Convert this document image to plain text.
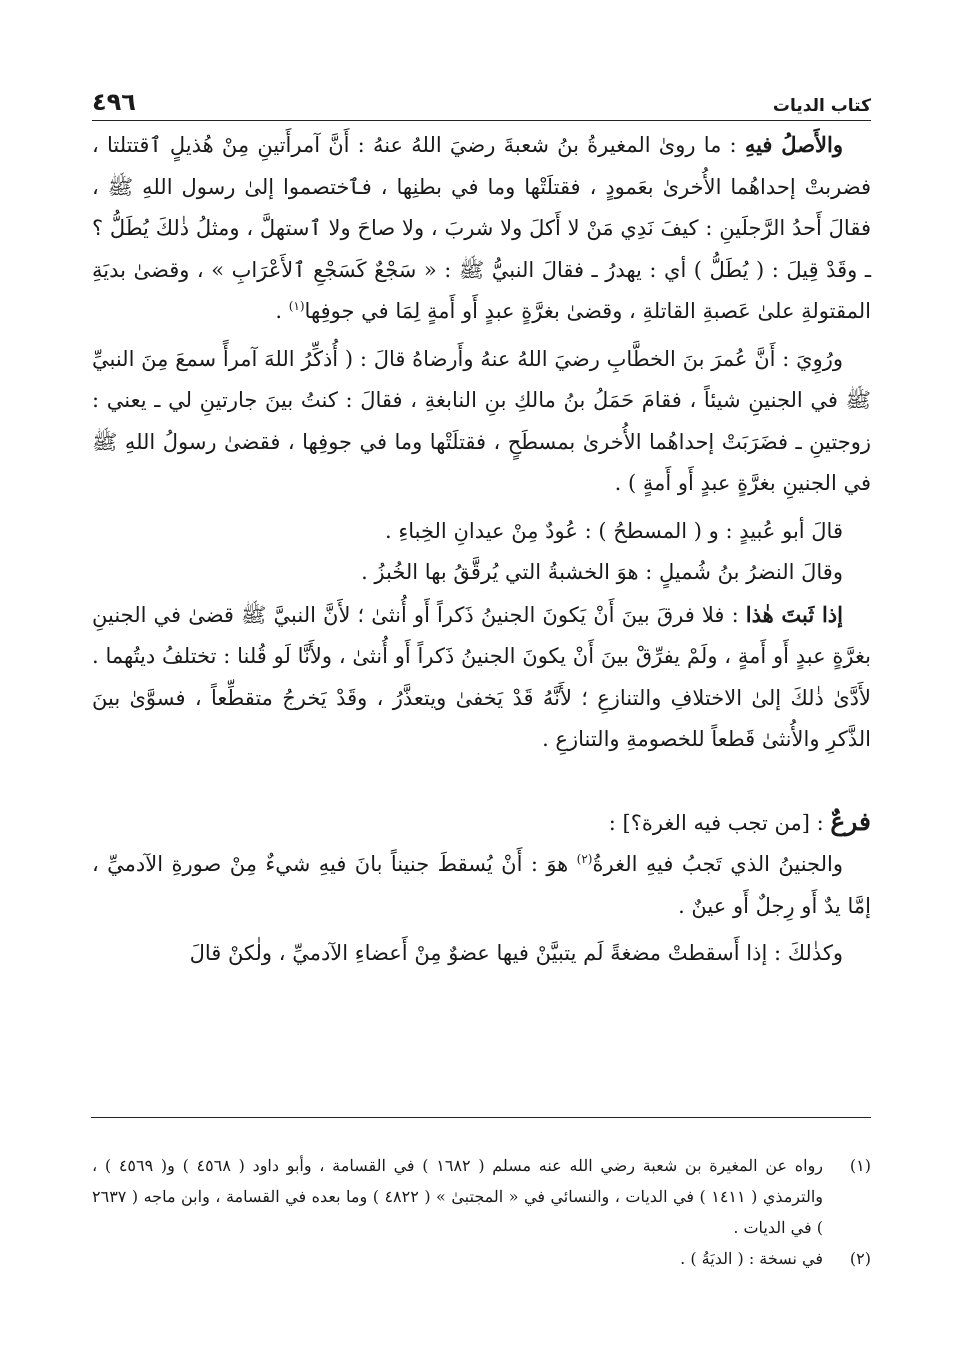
٤٩٦	كتاب الديات

والأَصلُ فيهِ : ما روىٰ المغيرةُ بنُ شعبةَ رضيَ اللهُ عنهُ : أَنَّ آمرأَتينِ مِنْ هُذيلٍ ٱقتتلتا ، فضربتْ إحداهُما الأُخرىٰ بعَمودٍ ، فقتلَتْها وما في بطنِها ، فٱختصموا إلىٰ رسول اللهِ ﷺ ، فقالَ أَحدُ الرَّجلَينِ : كيفَ نَدِي مَنْ لا أَكلَ ولا شربَ ، ولا صاحَ ولا ٱستهلَّ ، ومثلُ ذٰلكَ يُطَلُّ ؟ ـ وقَدْ قِيلَ : ( يُطَلُّ ) أي : يهدرُ ـ فقالَ النبيُّ ﷺ : « سَجْعٌ كَسَجْعِ ٱلأَعْرَابِ » ، وقضىٰ بديَةِ المقتولةِ علىٰ عَصبةِ القاتلةِ ، وقضىٰ بغرَّةٍ عبدٍ أَو أَمةٍ لِمَا في جوفِها$^{(١)}$ .

ورُوِيَ : أَنَّ عُمرَ بنَ الخطَّابِ رضيَ اللهُ عنهُ وأَرضاهُ قالَ : ( أُذكِّرُ اللهَ آمرأً سمعَ مِنَ النبيِّ ﷺ في الجنينِ شيئاً ، فقامَ حَمَلُ بنُ مالكِ بنِ النابغةِ ، فقالَ : كنتُ بينَ جارتينِ لي ـ يعني : زوجتينِ ـ فضَرَبَتْ إحداهُما الأُخرىٰ بمسطَحٍ ، فقتلَتْها وما في جوفِها ، فقضىٰ رسولُ اللهِ ﷺ في الجنينِ بغرَّةٍ عبدٍ أَو أَمةٍ ) .

قالَ أبو عُبيدٍ : و ( المسطحُ ) : عُودٌ مِنْ عيدانِ الخِباءِ .

وقالَ النضرُ بنُ شُميلٍ : هوَ الخشبةُ التي يُرقَّقُ بها الخُبزُ .

إذا ثَبتَ هٰذا : فلا فرقَ بينَ أَنْ يَكونَ الجنينُ ذَكراً أَو أُنثىٰ ؛ لأَنَّ النبيَّ ﷺ قضىٰ في الجنينِ بغرَّةٍ عبدٍ أَو أَمةٍ ، ولَمْ يفرِّقْ بينَ أَنْ يكونَ الجنينُ ذَكراً أَو أُنثىٰ ، ولأَنَّا لَو قُلنا : تختلفُ ديتُهما . لأَدَّىٰ ذٰلكَ إلىٰ الاختلافِ والتنازعِ ؛ لأَنَّهُ قَدْ يَخفىٰ ويتعذَّرُ ، وقَدْ يَخرجُ متقطِّعاً ، فسوَّىٰ بينَ الذَّكرِ والأُنثىٰ قَطعاً للخصومةِ والتنازعِ .

فرعٌ : [من تجب فيه الغرة؟] :

والجنينُ الذي تَجبُ فيهِ الغرةُ$^{(٢)}$ هوَ : أَنْ يُسقطَ جنيناً بانَ فيهِ شيءٌ مِنْ صورةِ الآدميِّ ، إمَّا يدٌ أَو رِجلٌ أَو عينٌ .

وكذٰلكَ : إذا أَسقطتْ مضغةً لَم يتبيَّنْ فيها عضوٌ مِنْ أَعضاءِ الآدميِّ ، ولٰكنْ قالَ

(١)
رواه عن المغيرة بن شعبة رضي الله عنه مسلم ( ١٦٨٢ ) في القسامة ، وأبو داود ( ٤٥٦٨ ) و( ٤٥٦٩ ) ، والترمذي ( ١٤١١ ) في الديات ، والنسائي في « المجتبىٰ » ( ٤٨٢٢ ) وما بعده في القسامة ، وابن ماجه ( ٢٦٣٧ ) في الديات .
(٢)
في نسخة : ( الديَةُ ) .
